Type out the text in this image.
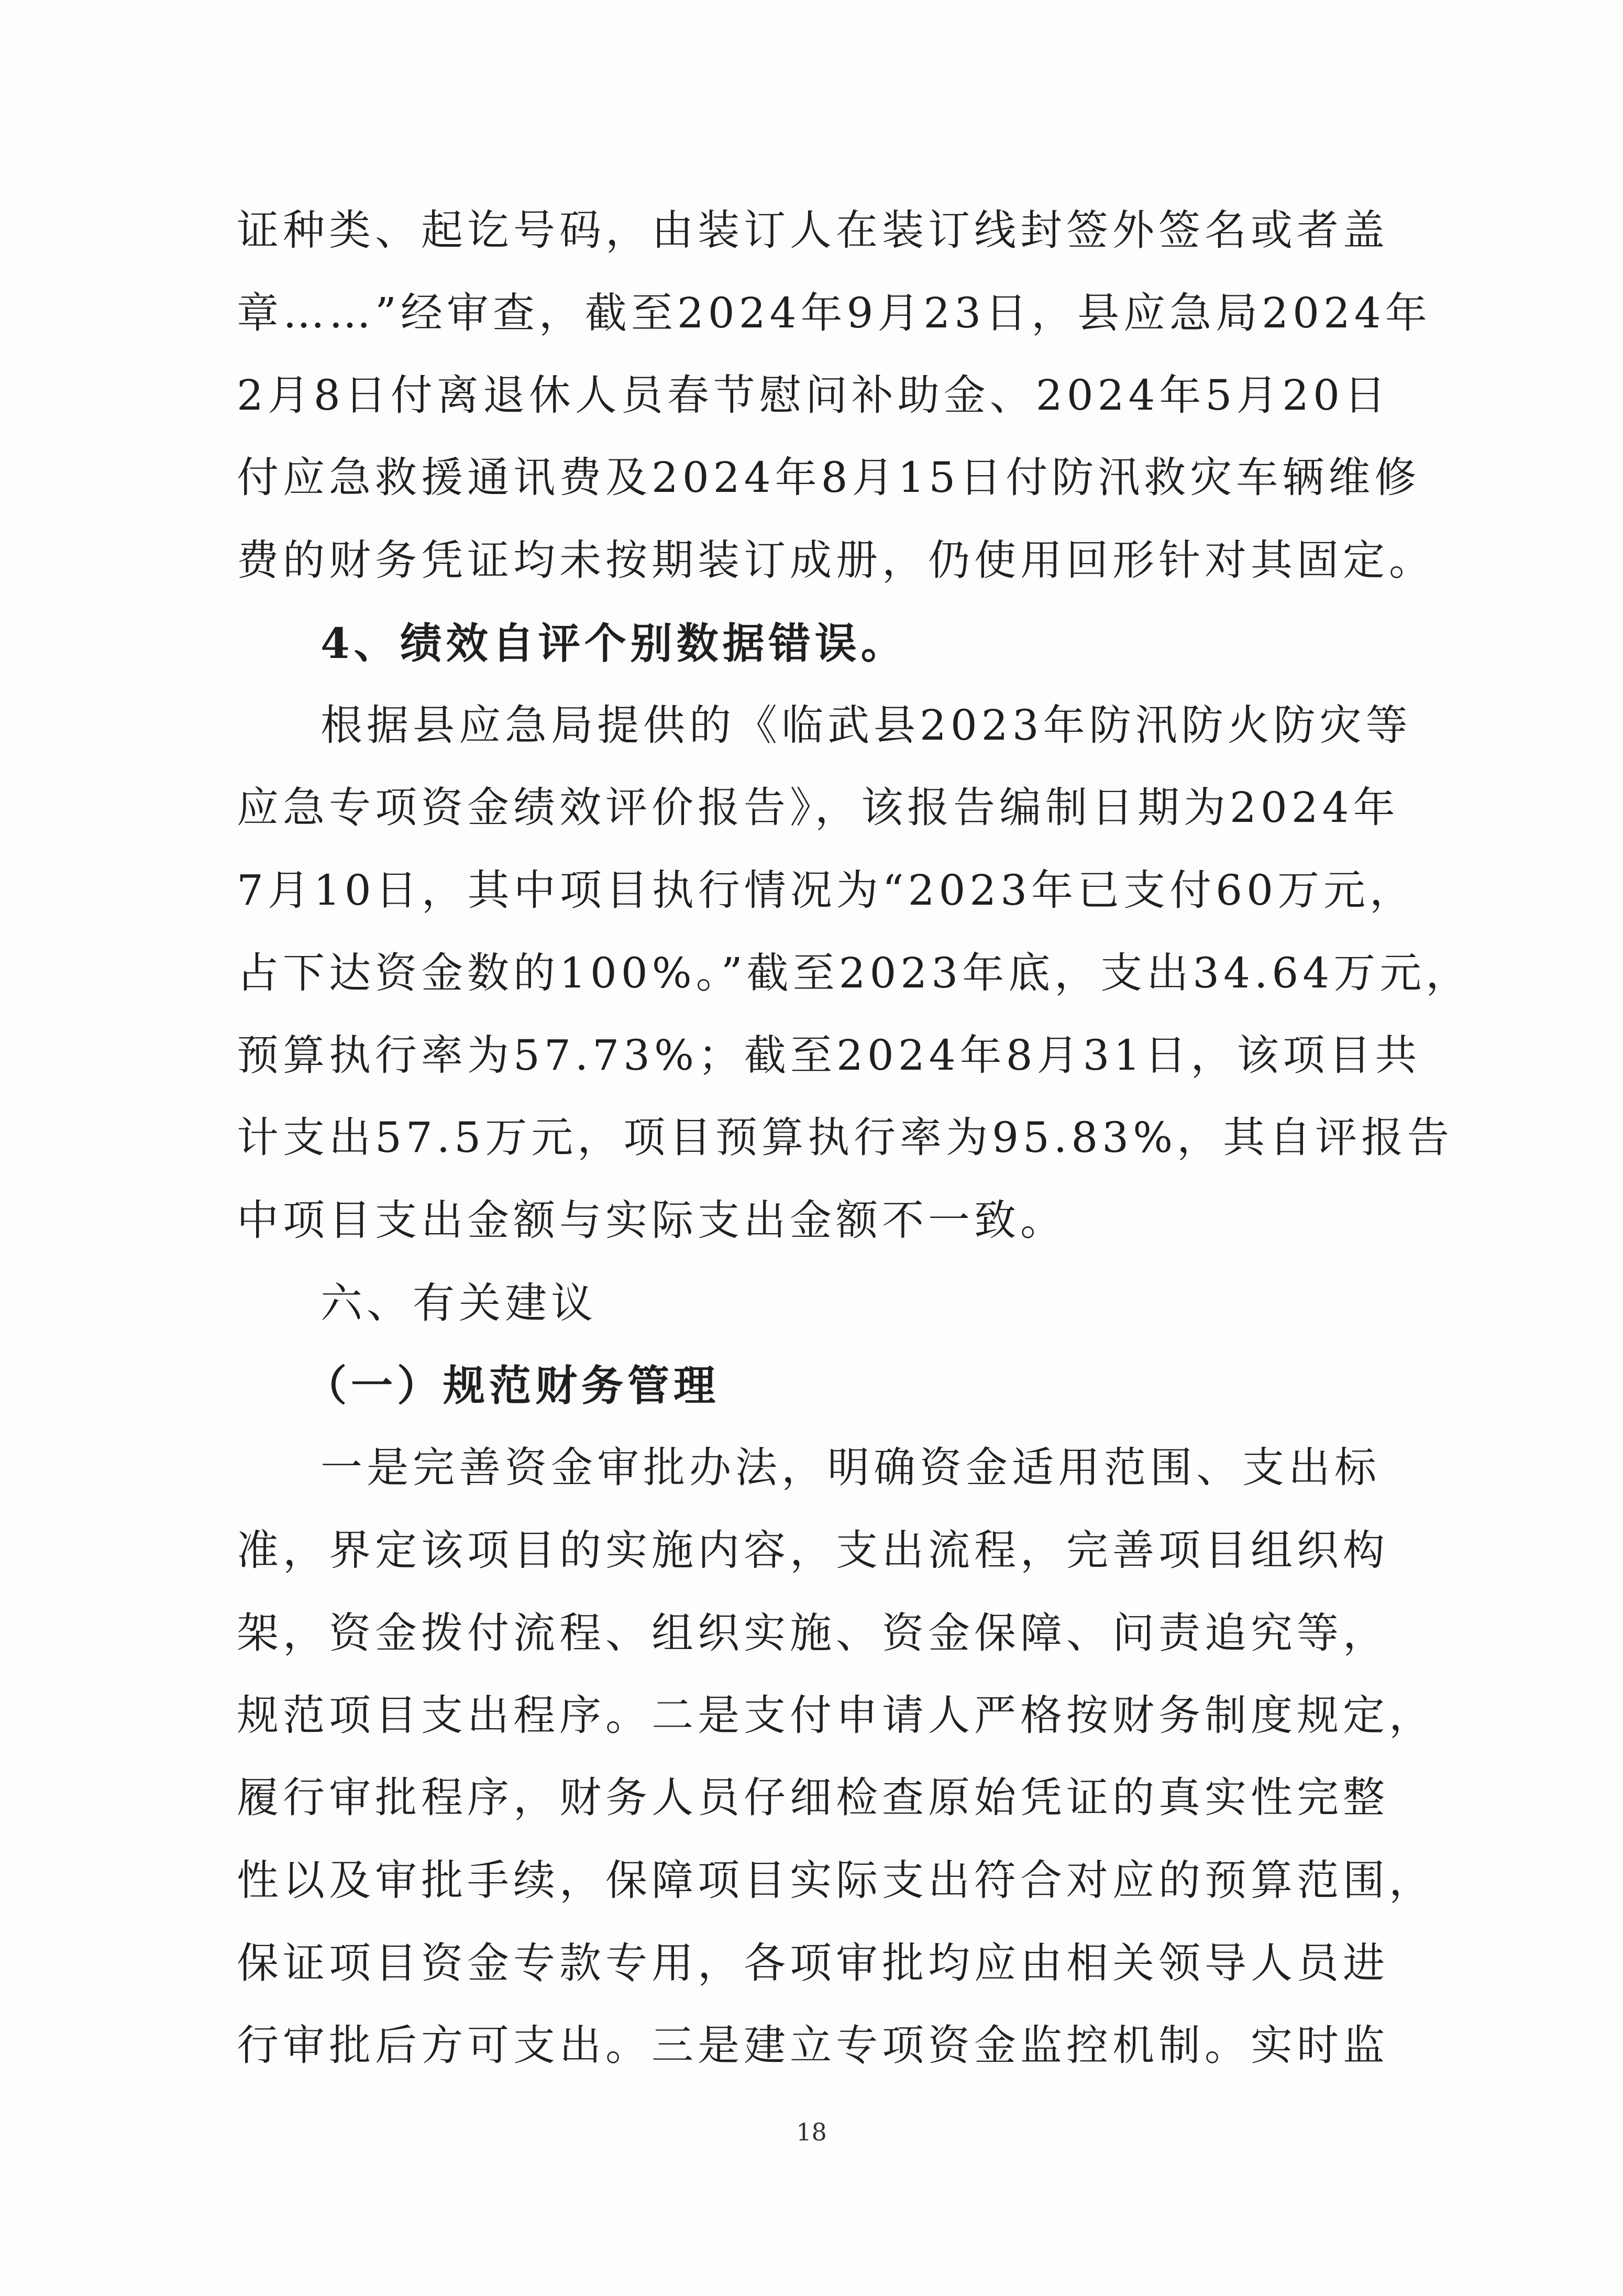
证种类、起讫号码，由装订人在装订线封签外签名或者盖
章……”经审查，截至2024年9月23日，县应急局2024年
2月8日付离退休人员春节慰问补助金、2024年5月20日
付应急救援通讯费及2024年8月15日付防汛救灾车辆维修
费的财务凭证均未按期装订成册，仍使用回形针对其固定。
4、绩效自评个别数据错误。
根据县应急局提供的《临武县2023年防汛防火防灾等
应急专项资金绩效评价报告》，该报告编制日期为2024年
7月10日，其中项目执行情况为“2023年已支付60万元，
占下达资金数的100%。”截至2023年底，支出34.64万元，
预算执行率为57.73%；截至2024年8月31日，该项目共
计支出57.5万元，项目预算执行率为95.83%，其自评报告
中项目支出金额与实际支出金额不一致。
六、有关建议
（一）规范财务管理
一是完善资金审批办法，明确资金适用范围、支出标
准，界定该项目的实施内容，支出流程，完善项目组织构
架，资金拨付流程、组织实施、资金保障、问责追究等，
规范项目支出程序。二是支付申请人严格按财务制度规定，
履行审批程序，财务人员仔细检查原始凭证的真实性完整
性以及审批手续，保障项目实际支出符合对应的预算范围，
保证项目资金专款专用，各项审批均应由相关领导人员进
行审批后方可支出。三是建立专项资金监控机制。实时监
18
